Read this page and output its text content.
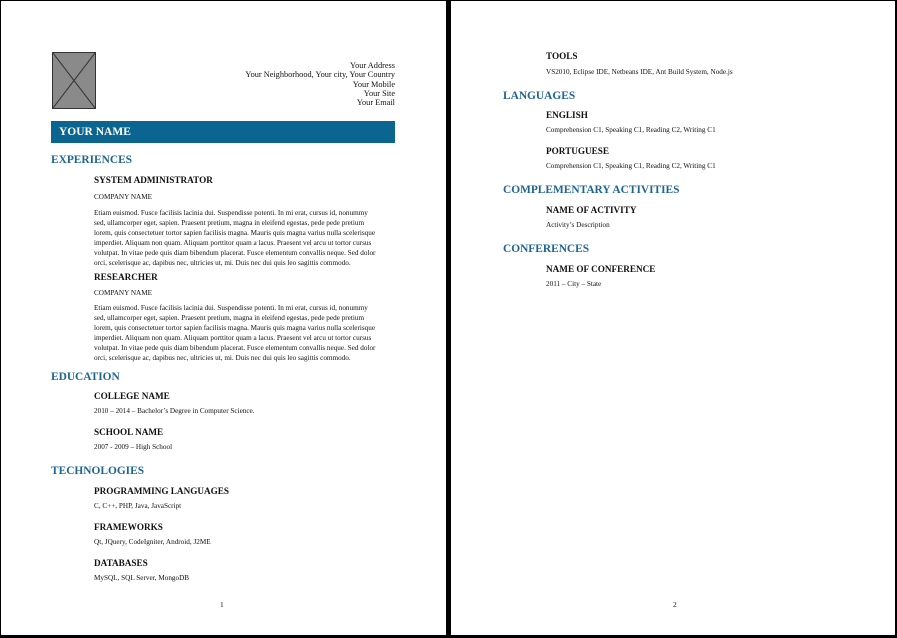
Your Address
Your Neighborhood, Your city, Your Country
Your Mobile
Your Site
Your Email
YOUR NAME
EXPERIENCES
SYSTEM ADMINISTRATOR
COMPANY NAME
Etiam euismod. Fusce facilisis lacinia dui. Suspendisse potenti. In mi erat, cursus id, nonummy
sed, ullamcorper eget, sapien. Praesent pretium, magna in eleifend egestas, pede pede pretium
lorem, quis consectetuer tortor sapien facilisis magna. Mauris quis magna varius nulla scelerisque
imperdiet. Aliquam non quam. Aliquam porttitor quam a lacus. Praesent vel arcu ut tortor cursus
volutpat. In vitae pede quis diam bibendum placerat. Fusce elementum convallis neque. Sed dolor
orci, scelerisque ac, dapibus nec, ultricies ut, mi. Duis nec dui quis leo sagittis commodo.
RESEARCHER
COMPANY NAME
Etiam euismod. Fusce facilisis lacinia dui. Suspendisse potenti. In mi erat, cursus id, nonummy
sed, ullamcorper eget, sapien. Praesent pretium, magna in eleifend egestas, pede pede pretium
lorem, quis consectetuer tortor sapien facilisis magna. Mauris quis magna varius nulla scelerisque
imperdiet. Aliquam non quam. Aliquam porttitor quam a lacus. Praesent vel arcu ut tortor cursus
volutpat. In vitae pede quis diam bibendum placerat. Fusce elementum convallis neque. Sed dolor
orci, scelerisque ac, dapibus nec, ultricies ut, mi. Duis nec dui quis leo sagittis commodo.
EDUCATION
COLLEGE NAME
2010 – 2014 – Bachelor’s Degree in Computer Science.
SCHOOL NAME
2007 - 2009 – High School
TECHNOLOGIES
PROGRAMMING LANGUAGES
C, C++, PHP, Java, JavaScript
FRAMEWORKS
Qt, JQuery, CodeIgniter, Android, J2ME
DATABASES
MySQL, SQL Server, MongoDB
1
TOOLS
VS2010, Eclipse IDE, Netbeans IDE, Ant Build System, Node.js
LANGUAGES
ENGLISH
Comprehension C1, Speaking C1, Reading C2, Writing C1
PORTUGUESE
Comprehension C1, Speaking C1, Reading C2, Writing C1
COMPLEMENTARY ACTIVITIES
NAME OF ACTIVITY
Activity’s Description
CONFERENCES
NAME OF CONFERENCE
2011 – City – State
2
